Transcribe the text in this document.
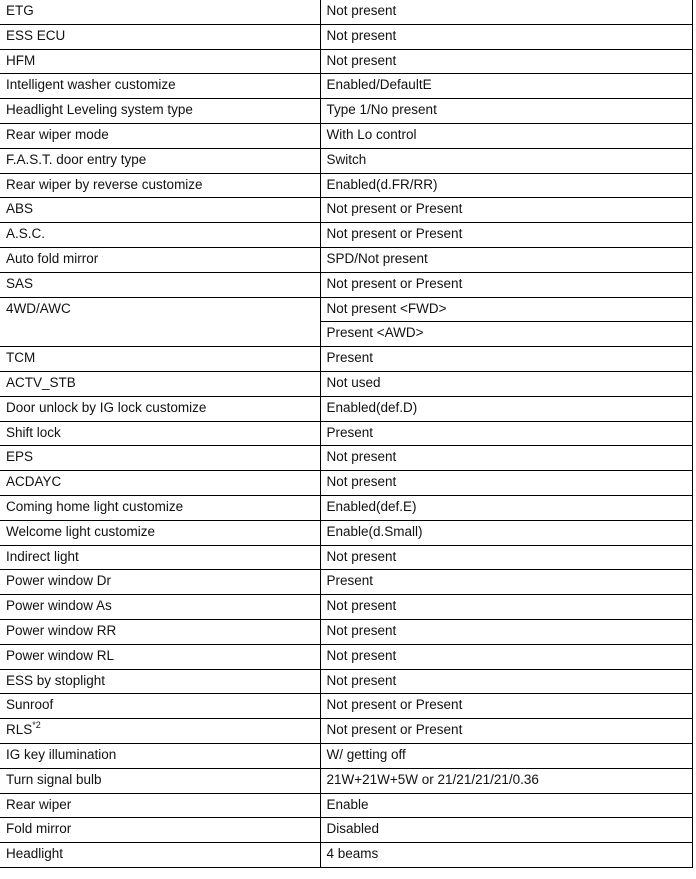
ETG	Not present
ESS ECU	Not present
HFM	Not present
Intelligent washer customize	Enabled/DefaultE
Headlight Leveling system type	Type 1/No present
Rear wiper mode	With Lo control
F.A.S.T. door entry type	Switch
Rear wiper by reverse customize	Enabled(d.FR/RR)
ABS	Not present or Present
A.S.C.	Not present or Present
Auto fold mirror	SPD/Not present
SAS	Not present or Present
4WD/AWC	Not present <FWD>
	Present <AWD>
TCM	Present
ACTV_STB	Not used
Door unlock by IG lock customize	Enabled(def.D)
Shift lock	Present
EPS	Not present
ACDAYC	Not present
Coming home light customize	Enabled(def.E)
Welcome light customize	Enable(d.Small)
Indirect light	Not present
Power window Dr	Present
Power window As	Not present
Power window RR	Not present
Power window RL	Not present
ESS by stoplight	Not present
Sunroof	Not present or Present
RLS$^{*2}$	Not present or Present
IG key illumination	W/ getting off
Turn signal bulb	21W+21W+5W or 21/21/21/21/0.36
Rear wiper	Enable
Fold mirror	Disabled
Headlight	4 beams
